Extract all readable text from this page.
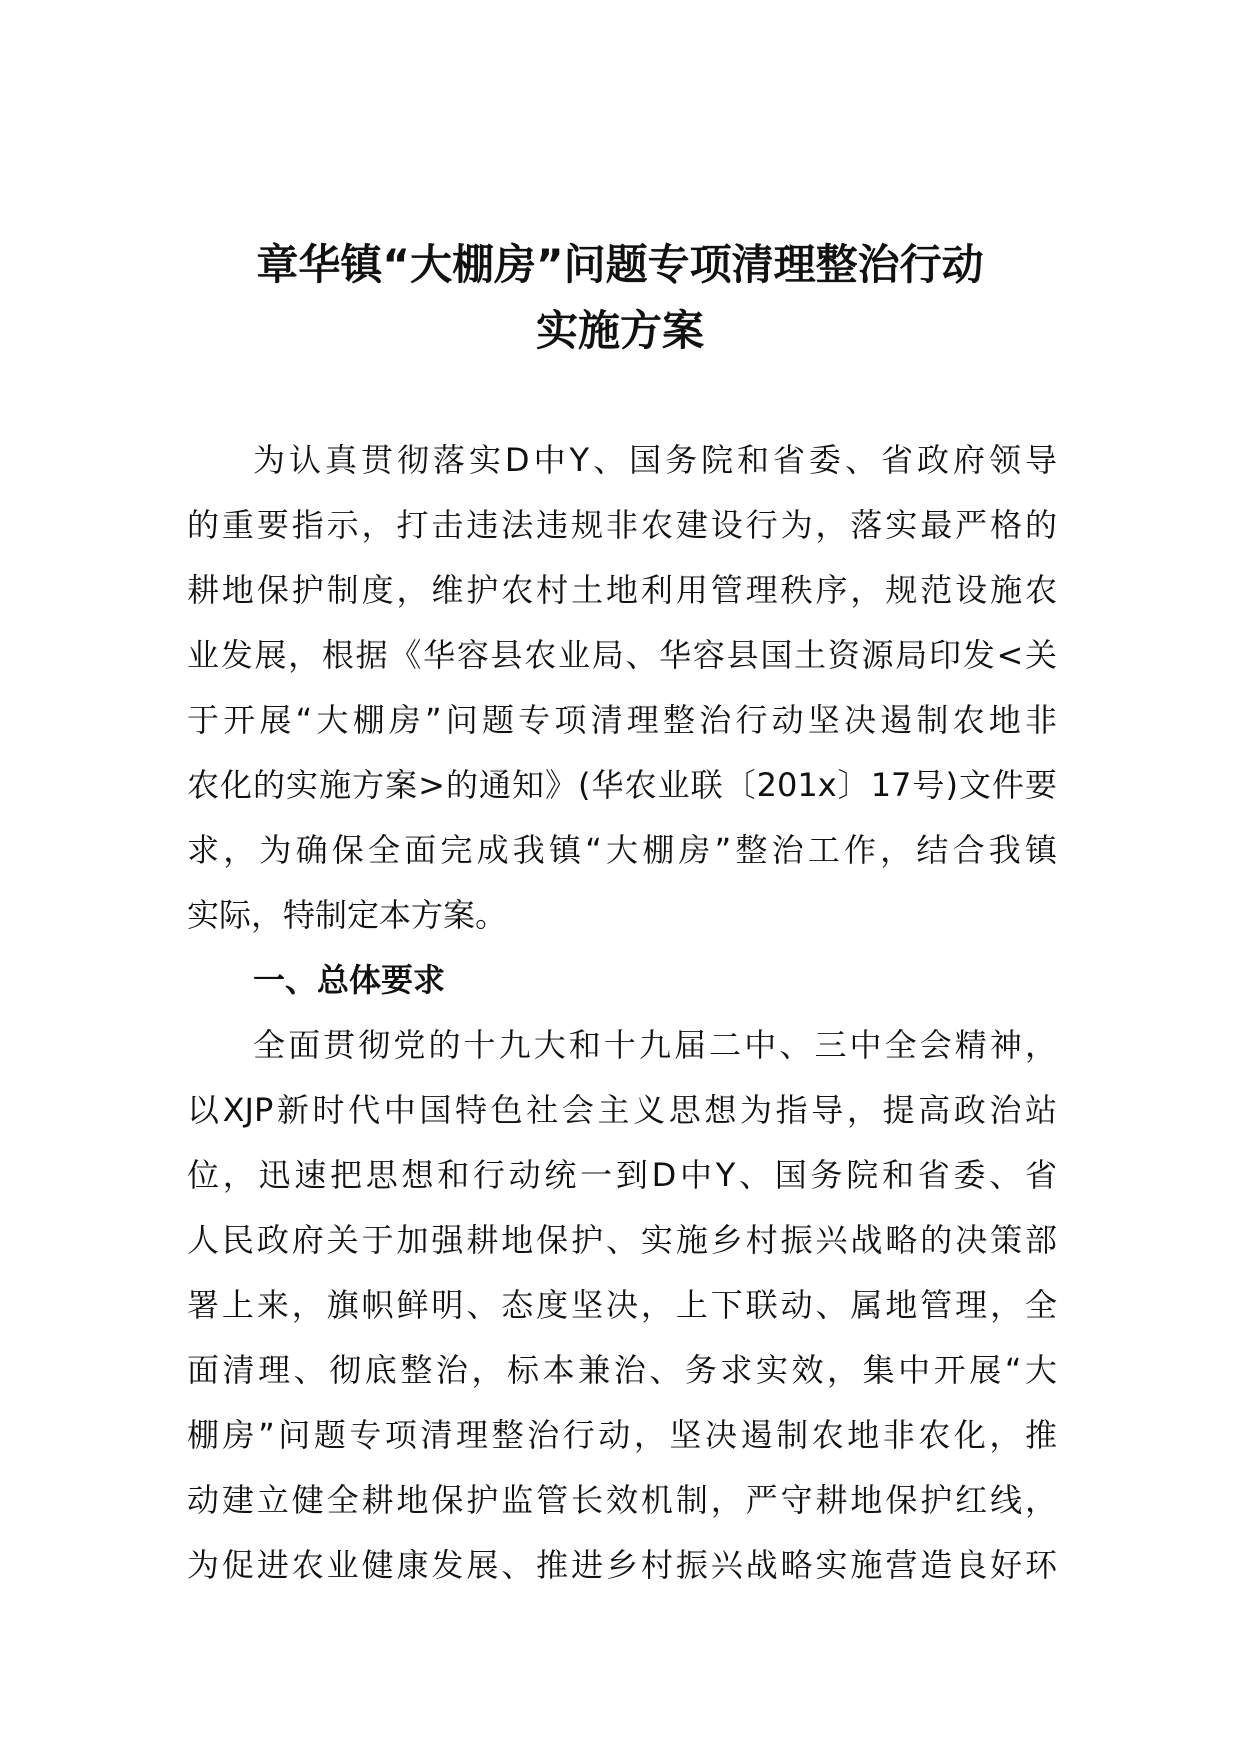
章华镇“大棚房”问题专项清理整治行动
实施方案
为认真贯彻落实D中Y、国务院和省委、省政府领导
的重要指示，打击违法违规非农建设行为，落实最严格的
耕地保护制度，维护农村土地利用管理秩序，规范设施农
业发展，根据《华容县农业局、华容县国土资源局印发<关
于开展“大棚房”问题专项清理整治行动坚决遏制农地非
农化的实施方案>的通知》(华农业联〔201x〕17号)文件要
求，为确保全面完成我镇“大棚房”整治工作，结合我镇
实际，特制定本方案。
一、总体要求
全面贯彻党的十九大和十九届二中、三中全会精神，
以XJP新时代中国特色社会主义思想为指导，提高政治站
位，迅速把思想和行动统一到D中Y、国务院和省委、省
人民政府关于加强耕地保护、实施乡村振兴战略的决策部
署上来，旗帜鲜明、态度坚决，上下联动、属地管理，全
面清理、彻底整治，标本兼治、务求实效，集中开展“大
棚房”问题专项清理整治行动，坚决遏制农地非农化，推
动建立健全耕地保护监管长效机制，严守耕地保护红线，
为促进农业健康发展、推进乡村振兴战略实施营造良好环
